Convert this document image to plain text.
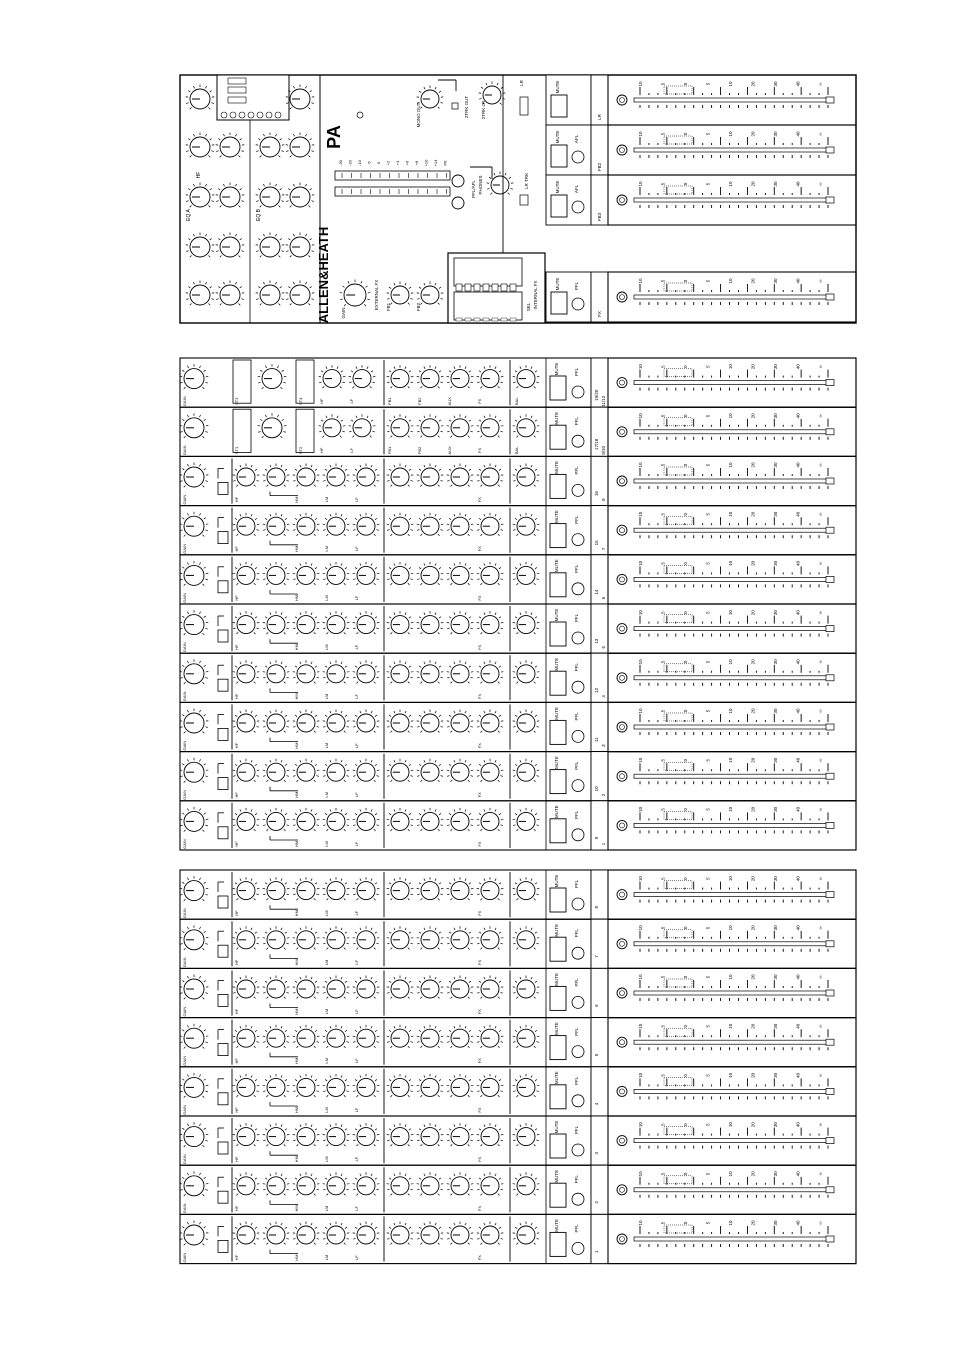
HF
EQ A	EQ B
ALLEN&HEATH
PA
-30 -20 -10 -5 0 +2 +4 +6 +8 +10 +14 PK
MONO OUT	2TRK OUT	2TRK LR
LR
PHONES
PFL/AFL	LR TRK
GAIN
EXTERNAL FX FB1	FB2	SEL INTERNAL FX
MUTE
LR
10	5	0	5	10	20	30	40	∞
MUTE	AFL
FB2
10	5	0	5	10	20	30	40	∞
MUTE	AFL
FB3
10	5	0	5	10	20	30	40	∞
MUTE	PFL
FX
10	5	0	5	10	20	30	40	∞
GAIN	ST3	ST4	HF	LF	FB1	FB2	AUX	FX	BAL
MUTE	PFL
19/20
11/12
10	5	0	5	10	20	30	40	∞
GAIN	ST1	ST2	HF	LF	FB1	FB2	AUX	FX	BAL
MUTE	PFL
17/18
9/10
10	5	0	5	10	20	30	40	∞
GAIN	HF	HM	LM	LF	FX
MUTE	PFL
16
8
10	5	0	5	10	20	30	40	∞
GAIN	HF	HM	LM	LF	FX
MUTE	PFL
15
7
10	5	0	5	10	20	30	40	∞
GAIN	HF	HM	LM	LF	FX
MUTE	PFL
14
6
10	5	0	5	10	20	30	40	∞
GAIN	HF	HM	LM	LF	FX
MUTE	PFL
13
5
10	5	0	5	10	20	30	40	∞
GAIN	HF	HM	LM	LF	FX
MUTE	PFL
12
4
10	5	0	5	10	20	30	40	∞
GAIN	HF	HM	LM	LF	FX
MUTE	PFL
11
3
10	5	0	5	10	20	30	40	∞
GAIN	HF	HM	LM	LF	FX
MUTE	PFL
10
2
10	5	0	5	10	20	30	40	∞
GAIN	HF	HM	LM	LF	FX
MUTE	PFL
9
1
10	5	0	5	10	20	30	40	∞
GAIN	HF	HM	LM	LF	FX
MUTE	PFL
8
10	5	0	5	10	20	30	40	∞
GAIN	HF	HM	LM	LF	FX
MUTE	PFL
7
10	5	0	5	10	20	30	40	∞
GAIN	HF	HM	LM	LF	FX
MUTE	PFL
6
10	5	0	5	10	20	30	40	∞
GAIN	HF	HM	LM	LF	FX
MUTE	PFL
5
10	5	0	5	10	20	30	40	∞
GAIN	HF	HM	LM	LF	FX
MUTE	PFL
4
10	5	0	5	10	20	30	40	∞
GAIN	HF	HM	LM	LF	FX
MUTE	PFL
3
10	5	0	5	10	20	30	40	∞
GAIN	HF	HM	LM	LF	FX
MUTE	PFL
2
10	5	0	5	10	20	30	40	∞
GAIN	HF	HM	LM	LF	FX
MUTE	PFL
1
10	5	0	5	10	20	30	40	∞
